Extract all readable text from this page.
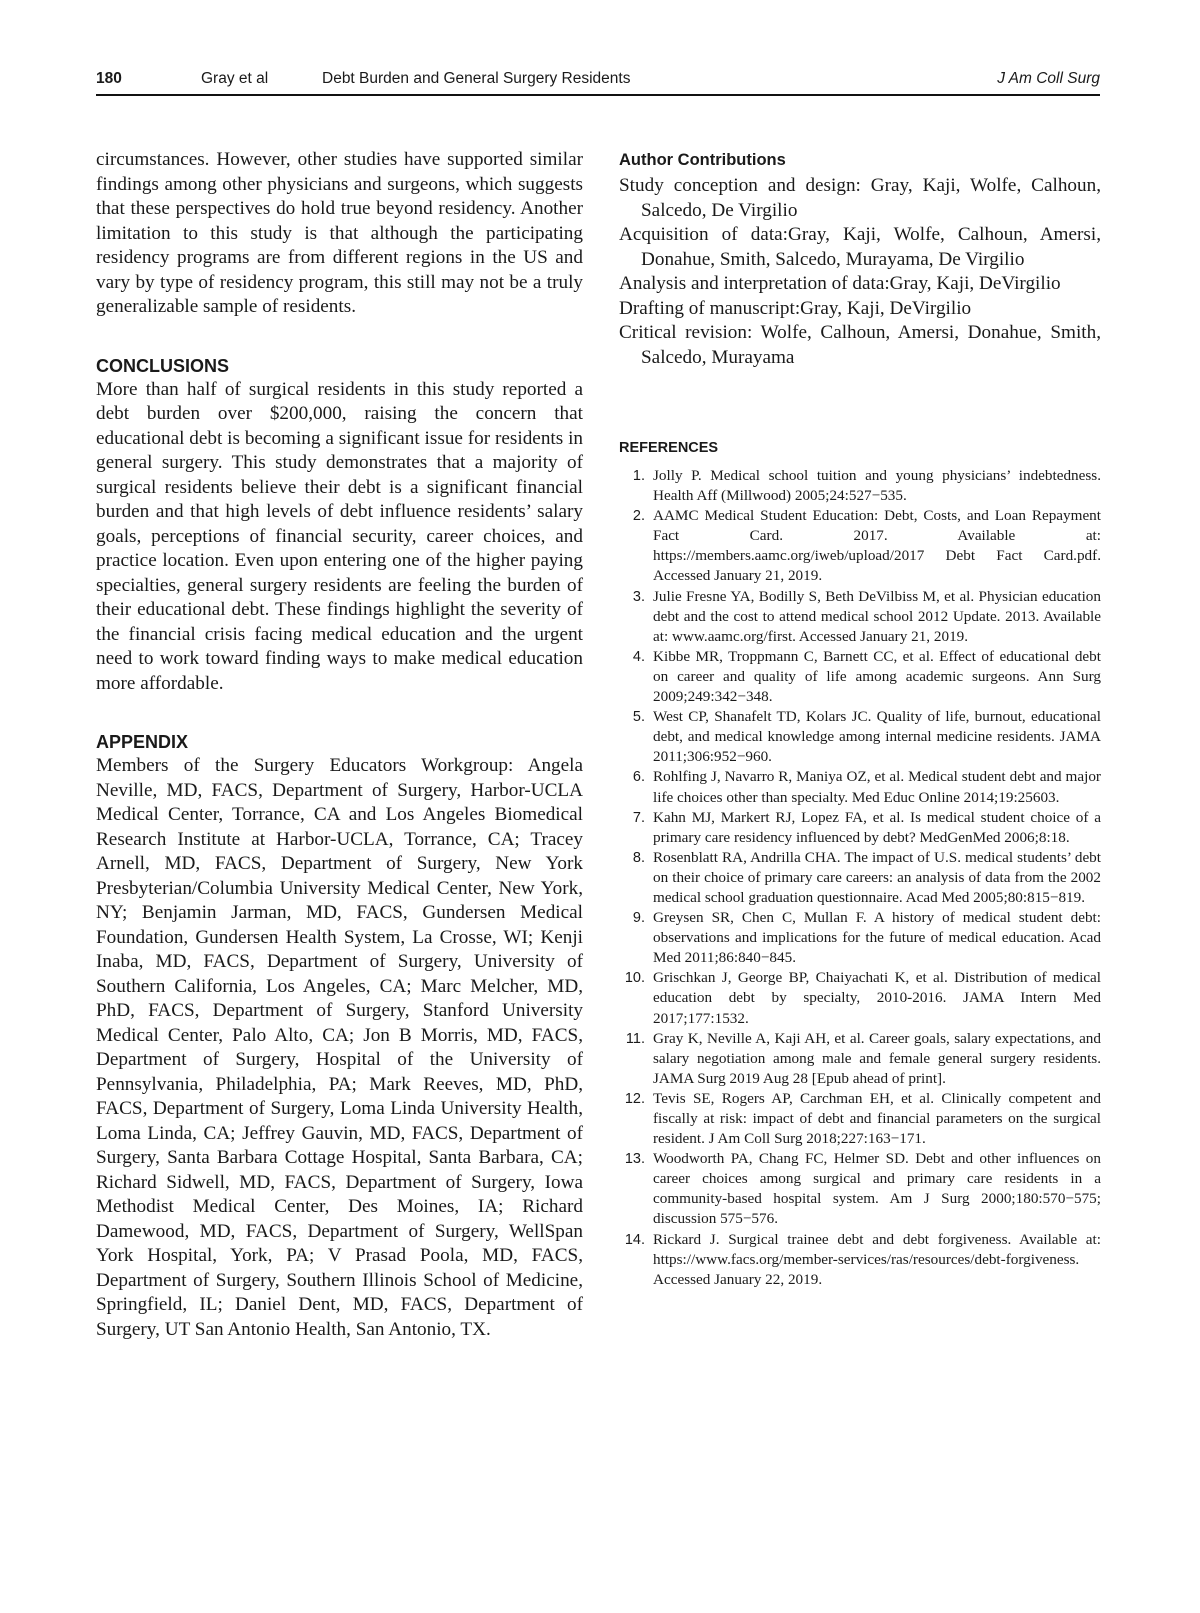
180	Gray et al	Debt Burden and General Surgery Residents	J Am Coll Surg

circumstances. However, other studies have supported similar findings among other physicians and surgeons, which suggests that these perspectives do hold true beyond residency. Another limitation to this study is that although the participating residency programs are from different regions in the US and vary by type of residency program, this still may not be a truly generalizable sample of residents.

CONCLUSIONS

More than half of surgical residents in this study reported a debt burden over $200,000, raising the concern that educational debt is becoming a significant issue for residents in general surgery. This study demonstrates that a majority of surgical residents believe their debt is a significant financial burden and that high levels of debt influence residents’ salary goals, perceptions of financial security, career choices, and practice location. Even upon entering one of the higher paying specialties, general surgery residents are feeling the burden of their educational debt. These findings highlight the severity of the financial crisis facing medical education and the urgent need to work toward finding ways to make medical education more affordable.

APPENDIX

Members of the Surgery Educators Workgroup: Angela Neville, MD, FACS, Department of Surgery, Harbor-UCLA Medical Center, Torrance, CA and Los Angeles Biomedical Research Institute at Harbor-UCLA, Torrance, CA; Tracey Arnell, MD, FACS, Department of Surgery, New York Presbyterian/Columbia University Medical Center, New York, NY; Benjamin Jarman, MD, FACS, Gundersen Medical Foundation, Gundersen Health System, La Crosse, WI; Kenji Inaba, MD, FACS, Department of Surgery, University of Southern California, Los Angeles, CA; Marc Melcher, MD, PhD, FACS, Department of Surgery, Stanford University Medical Center, Palo Alto, CA; Jon B Morris, MD, FACS, Department of Surgery, Hospital of the University of Pennsylvania, Philadelphia, PA; Mark Reeves, MD, PhD, FACS, Department of Surgery, Loma Linda University Health, Loma Linda, CA; Jeffrey Gauvin, MD, FACS, Department of Surgery, Santa Barbara Cottage Hospital, Santa Barbara, CA; Richard Sidwell, MD, FACS, Department of Surgery, Iowa Methodist Medical Center, Des Moines, IA; Richard Damewood, MD, FACS, Department of Surgery, WellSpan York Hospital, York, PA; V Prasad Poola, MD, FACS, Department of Surgery, Southern Illinois School of Medicine, Springfield, IL; Daniel Dent, MD, FACS, Department of Surgery, UT San Antonio Health, San Antonio, TX.

Author Contributions
Study conception and design: Gray, Kaji, Wolfe, Calhoun, Salcedo, De Virgilio
Acquisition of data:Gray, Kaji, Wolfe, Calhoun, Amersi, Donahue, Smith, Salcedo, Murayama, De Virgilio
Analysis and interpretation of data:Gray, Kaji, DeVirgilio
Drafting of manuscript:Gray, Kaji, DeVirgilio
Critical revision: Wolfe, Calhoun, Amersi, Donahue, Smith, Salcedo, Murayama
REFERENCES
1. Jolly P. Medical school tuition and young physicians’ indebtedness. Health Aff (Millwood) 2005;24:527−535.
2. AAMC Medical Student Education: Debt, Costs, and Loan Repayment Fact Card. 2017. Available at: https://members.aamc.org/iweb/upload/2017 Debt Fact Card.pdf. Accessed January 21, 2019.
3. Julie Fresne YA, Bodilly S, Beth DeVilbiss M, et al. Physician education debt and the cost to attend medical school 2012 Update. 2013. Available at: www.aamc.org/first. Accessed January 21, 2019.
4. Kibbe MR, Troppmann C, Barnett CC, et al. Effect of educational debt on career and quality of life among academic surgeons. Ann Surg 2009;249:342−348.
5. West CP, Shanafelt TD, Kolars JC. Quality of life, burnout, educational debt, and medical knowledge among internal medicine residents. JAMA 2011;306:952−960.
6. Rohlfing J, Navarro R, Maniya OZ, et al. Medical student debt and major life choices other than specialty. Med Educ Online 2014;19:25603.
7. Kahn MJ, Markert RJ, Lopez FA, et al. Is medical student choice of a primary care residency influenced by debt? MedGenMed 2006;8:18.
8. Rosenblatt RA, Andrilla CHA. The impact of U.S. medical students’ debt on their choice of primary care careers: an analysis of data from the 2002 medical school graduation questionnaire. Acad Med 2005;80:815−819.
9. Greysen SR, Chen C, Mullan F. A history of medical student debt: observations and implications for the future of medical education. Acad Med 2011;86:840−845.
10. Grischkan J, George BP, Chaiyachati K, et al. Distribution of medical education debt by specialty, 2010-2016. JAMA Intern Med 2017;177:1532.
11. Gray K, Neville A, Kaji AH, et al. Career goals, salary expectations, and salary negotiation among male and female general surgery residents. JAMA Surg 2019 Aug 28 [Epub ahead of print].
12. Tevis SE, Rogers AP, Carchman EH, et al. Clinically competent and fiscally at risk: impact of debt and financial parameters on the surgical resident. J Am Coll Surg 2018;227:163−171.
13. Woodworth PA, Chang FC, Helmer SD. Debt and other influences on career choices among surgical and primary care residents in a community-based hospital system. Am J Surg 2000;180:570−575; discussion 575−576.
14. Rickard J. Surgical trainee debt and debt forgiveness. Available at: https://www.facs.org/member-services/ras/resources/debt-forgiveness. Accessed January 22, 2019.
